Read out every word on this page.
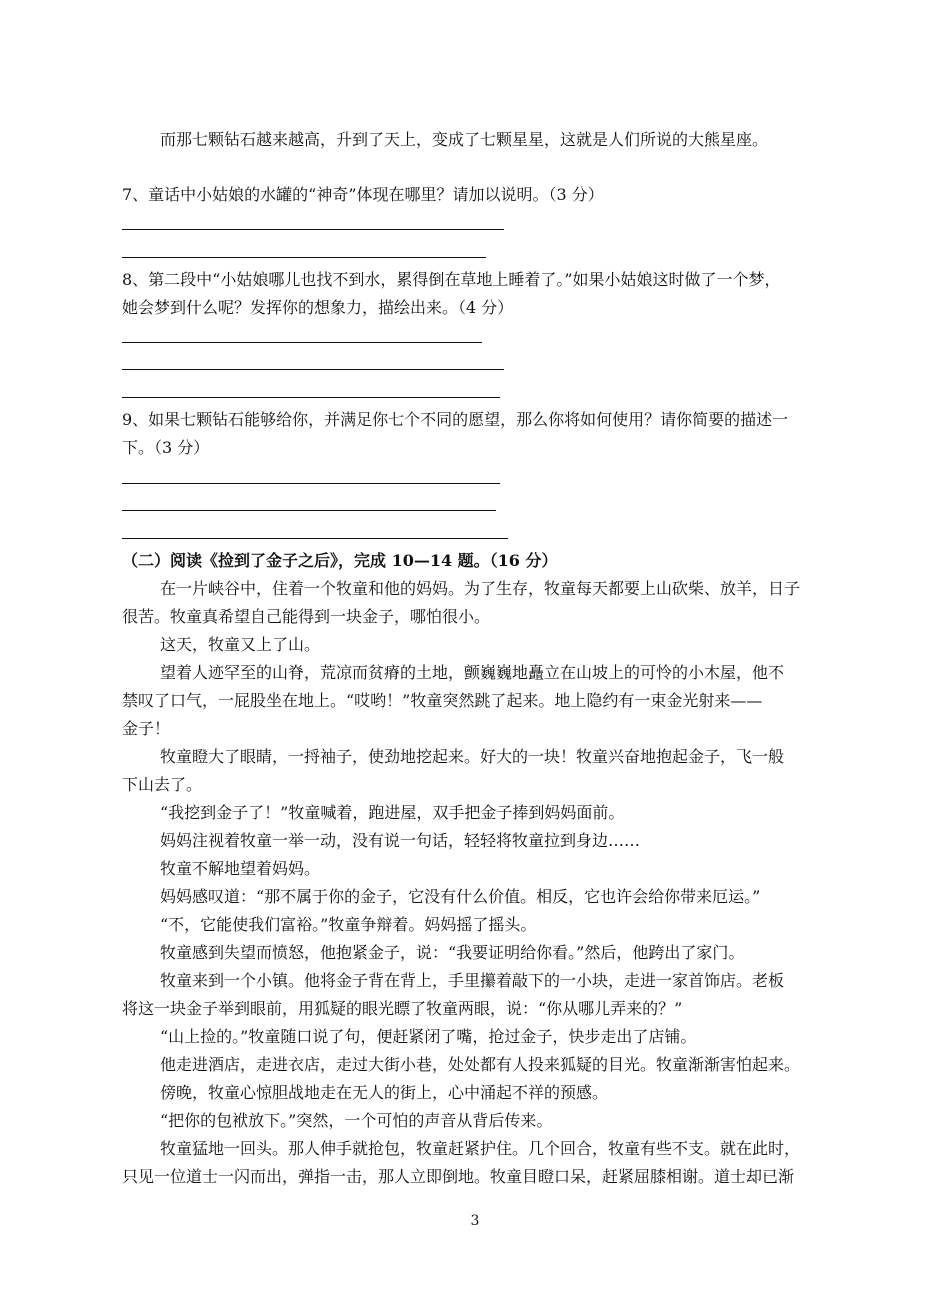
而那七颗钻石越来越高，升到了天上，变成了七颗星星，这就是人们所说的大熊星座。
7、童话中小姑娘的水罐的“神奇”体现在哪里？请加以说明。（3 分）
8、第二段中“小姑娘哪儿也找不到水，累得倒在草地上睡着了。”如果小姑娘这时做了一个梦，
她会梦到什么呢？发挥你的想象力，描绘出来。（4 分）
9、如果七颗钻石能够给你，并满足你七个不同的愿望，那么你将如何使用？请你简要的描述一
下。（3 分）
（二）阅读《捡到了金子之后》，完成 10—14 题。（16 分）
在一片峡谷中，住着一个牧童和他的妈妈。为了生存，牧童每天都要上山砍柴、放羊，日子
很苦。牧童真希望自己能得到一块金子，哪怕很小。
这天，牧童又上了山。
望着人迹罕至的山脊，荒凉而贫瘠的土地，颤巍巍地矗立在山坡上的可怜的小木屋，他不
禁叹了口气，一屁股坐在地上。“哎哟！”牧童突然跳了起来。地上隐约有一束金光射来——
金子！
牧童瞪大了眼睛，一捋袖子，使劲地挖起来。好大的一块！牧童兴奋地抱起金子，飞一般
下山去了。
“我挖到金子了！”牧童喊着，跑进屋，双手把金子捧到妈妈面前。
妈妈注视着牧童一举一动，没有说一句话，轻轻将牧童拉到身边……
牧童不解地望着妈妈。
妈妈感叹道：“那不属于你的金子，它没有什么价值。相反，它也许会给你带来厄运。”
“不，它能使我们富裕。”牧童争辩着。妈妈摇了摇头。
牧童感到失望而愤怒，他抱紧金子，说：“我要证明给你看。”然后，他跨出了家门。
牧童来到一个小镇。他将金子背在背上，手里攥着敲下的一小块，走进一家首饰店。老板
将这一块金子举到眼前，用狐疑的眼光瞟了牧童两眼，说：“你从哪儿弄来的？”
“山上捡的。”牧童随口说了句，便赶紧闭了嘴，抢过金子，快步走出了店铺。
他走进酒店，走进衣店，走过大街小巷，处处都有人投来狐疑的目光。牧童渐渐害怕起来。
傍晚，牧童心惊胆战地走在无人的街上，心中涌起不祥的预感。
“把你的包袱放下。”突然，一个可怕的声音从背后传来。
牧童猛地一回头。那人伸手就抢包，牧童赶紧护住。几个回合，牧童有些不支。就在此时，
只见一位道士一闪而出，弹指一击，那人立即倒地。牧童目瞪口呆，赶紧屈膝相谢。道士却已渐
3
